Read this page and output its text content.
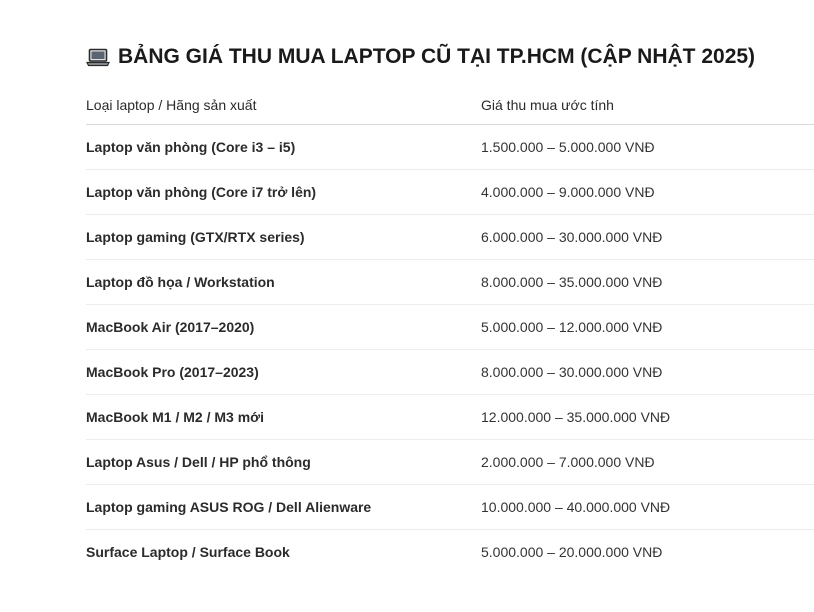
BẢNG GIÁ THU MUA LAPTOP CŨ TẠI TP.HCM (CẬP NHẬT 2025)
Loại laptop / Hãng sản xuất	Giá thu mua ước tính
Laptop văn phòng (Core i3 – i5)	1.500.000 – 5.000.000 VNĐ
Laptop văn phòng (Core i7 trở lên)	4.000.000 – 9.000.000 VNĐ
Laptop gaming (GTX/RTX series)	6.000.000 – 30.000.000 VNĐ
Laptop đồ họa / Workstation	8.000.000 – 35.000.000 VNĐ
MacBook Air (2017–2020)	5.000.000 – 12.000.000 VNĐ
MacBook Pro (2017–2023)	8.000.000 – 30.000.000 VNĐ
MacBook M1 / M2 / M3 mới	12.000.000 – 35.000.000 VNĐ
Laptop Asus / Dell / HP phổ thông	2.000.000 – 7.000.000 VNĐ
Laptop gaming ASUS ROG / Dell Alienware	10.000.000 – 40.000.000 VNĐ
Surface Laptop / Surface Book	5.000.000 – 20.000.000 VNĐ
